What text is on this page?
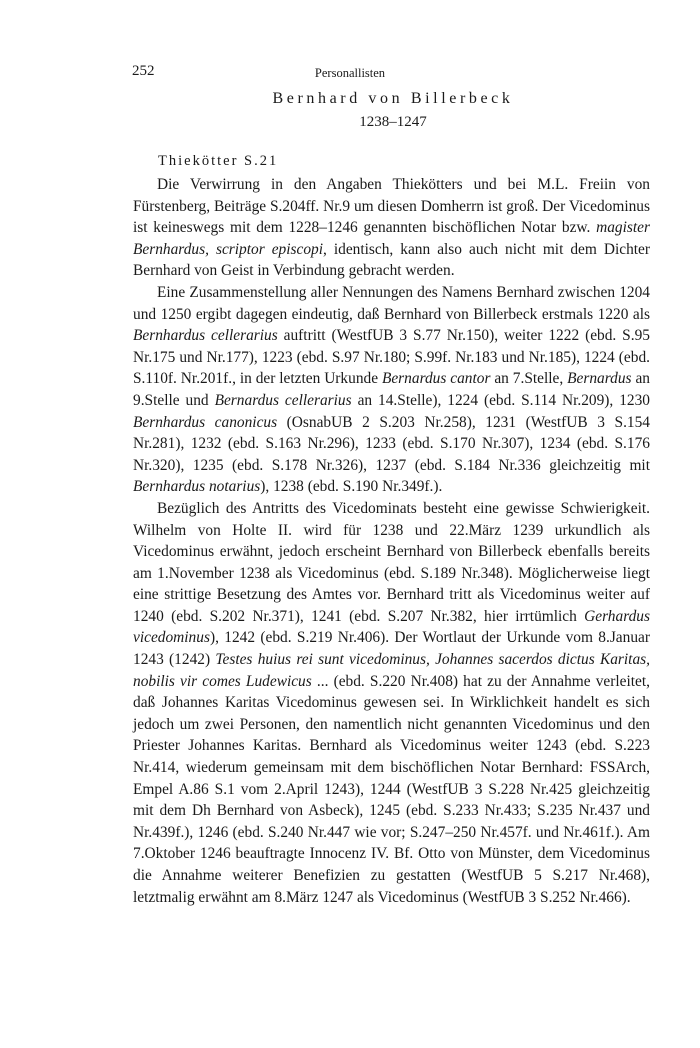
252	Personallisten
Bernhard von Billerbeck
1238–1247
Thiekötter S.21

Die Verwirrung in den Angaben Thiekötters und bei M.L. Freiin von Fürstenberg, Beiträge S.204ff. Nr.9 um diesen Domherrn ist groß. Der Vicedominus ist keineswegs mit dem 1228–1246 genannten bischöflichen Notar bzw. magister Bernhardus, scriptor episcopi, identisch, kann also auch nicht mit dem Dichter Bernhard von Geist in Verbindung gebracht werden.

Eine Zusammenstellung aller Nennungen des Namens Bernhard zwischen 1204 und 1250 ergibt dagegen eindeutig, daß Bernhard von Billerbeck erstmals 1220 als Bernhardus cellerarius auftritt (WestfUB 3 S.77 Nr.150), weiter 1222 (ebd. S.95 Nr.175 und Nr.177), 1223 (ebd. S.97 Nr.180; S.99f. Nr.183 und Nr.185), 1224 (ebd. S.110f. Nr.201f., in der letzten Urkunde Bernardus cantor an 7.Stelle, Bernardus an 9.Stelle und Bernardus cellerarius an 14.Stelle), 1224 (ebd. S.114 Nr.209), 1230 Bernhardus canonicus (OsnabUB 2 S.203 Nr.258), 1231 (WestfUB 3 S.154 Nr.281), 1232 (ebd. S.163 Nr.296), 1233 (ebd. S.170 Nr.307), 1234 (ebd. S.176 Nr.320), 1235 (ebd. S.178 Nr.326), 1237 (ebd. S.184 Nr.336 gleichzeitig mit Bernhardus notarius), 1238 (ebd. S.190 Nr.349f.).

Bezüglich des Antritts des Vicedominats besteht eine gewisse Schwierigkeit. Wilhelm von Holte II. wird für 1238 und 22.März 1239 urkundlich als Vicedominus erwähnt, jedoch erscheint Bernhard von Billerbeck ebenfalls bereits am 1.November 1238 als Vicedominus (ebd. S.189 Nr.348). Möglicherweise liegt eine strittige Besetzung des Amtes vor. Bernhard tritt als Vicedominus weiter auf 1240 (ebd. S.202 Nr.371), 1241 (ebd. S.207 Nr.382, hier irrtümlich Gerhardus vicedominus), 1242 (ebd. S.219 Nr.406). Der Wortlaut der Urkunde vom 8.Januar 1243 (1242) Testes huius rei sunt vicedominus, Johannes sacerdos dictus Karitas, nobilis vir comes Ludewicus ... (ebd. S.220 Nr.408) hat zu der Annahme verleitet, daß Johannes Karitas Vicedominus gewesen sei. In Wirklichkeit handelt es sich jedoch um zwei Personen, den namentlich nicht genannten Vicedominus und den Priester Johannes Karitas. Bernhard als Vicedominus weiter 1243 (ebd. S.223 Nr.414, wiederum gemeinsam mit dem bischöflichen Notar Bernhard: FSSArch, Empel A.86 S.1 vom 2.April 1243), 1244 (WestfUB 3 S.228 Nr.425 gleichzeitig mit dem Dh Bernhard von Asbeck), 1245 (ebd. S.233 Nr.433; S.235 Nr.437 und Nr.439f.), 1246 (ebd. S.240 Nr.447 wie vor; S.247–250 Nr.457f. und Nr.461f.). Am 7.Oktober 1246 beauftragte Innocenz IV. Bf. Otto von Münster, dem Vicedominus die Annahme weiterer Benefizien zu gestatten (WestfUB 5 S.217 Nr.468), letztmalig erwähnt am 8.März 1247 als Vicedominus (WestfUB 3 S.252 Nr.466).
